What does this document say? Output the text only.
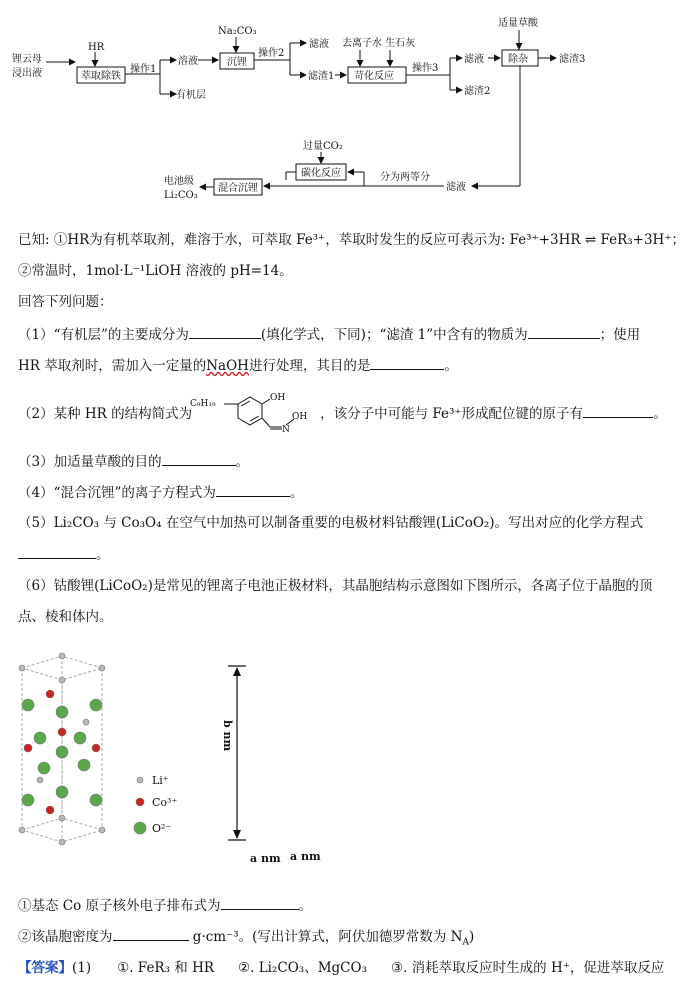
锂云母
浸出液
HR
萃取除铁
操作1
有机层
溶液
Na₂CO₃
沉锂
操作2
滤液
滤渣1
去离子水 生石灰
苛化反应
操作3
滤液
滤渣2
适量草酸
除杂	滤渣3
过量CO₂
碳化反应	分为两等分
滤液
混合沉锂
电池级
Li₂CO₃
已知: ①HR为有机萃取剂，难溶于水，可萃取 Fe³⁺，萃取时发生的反应可表示为: Fe³⁺+3HR ⇌ FeR₃+3H⁺；
②常温时，1mol·L⁻¹LiOH 溶液的 pH=14。
回答下列问题：
（1）“有机层”的主要成分为	(填化学式，下同)；“滤渣 1”中含有的物质为	；使用
HR 萃取剂时，需加入一定量的NaOH进行处理，其目的是	。
（2）某种 HR 的结构简式为	，该分子中可能与 Fe³⁺形成配位键的原子有	。
C₉H₁₉
OH
N
OH
（3）加适量草酸的目的	。
（4）“混合沉锂”的离子方程式为	。
（5）Li₂CO₃ 与 Co₃O₄ 在空气中加热可以制备重要的电极材料钴酸锂(LiCoO₂)。写出对应的化学方程式
。
（6）钴酸锂(LiCoO₂)是常见的锂离子电池正极材料，其晶胞结构示意图如下图所示，各离子位于晶胞的顶
点、棱和体内。
Li⁺
Co³⁺
O²⁻
b nm
a nm a nm
①基态 Co 原子核外电子排布式为	。
②该晶胞密度为	g·cm⁻³。(写出计算式，阿伏加德罗常数为 $N_A$)
【答案】(1) ①. FeR₃ 和 HR ②. Li₂CO₃、MgCO₃ ③. 消耗萃取反应时生成的 H⁺，促进萃取反应
